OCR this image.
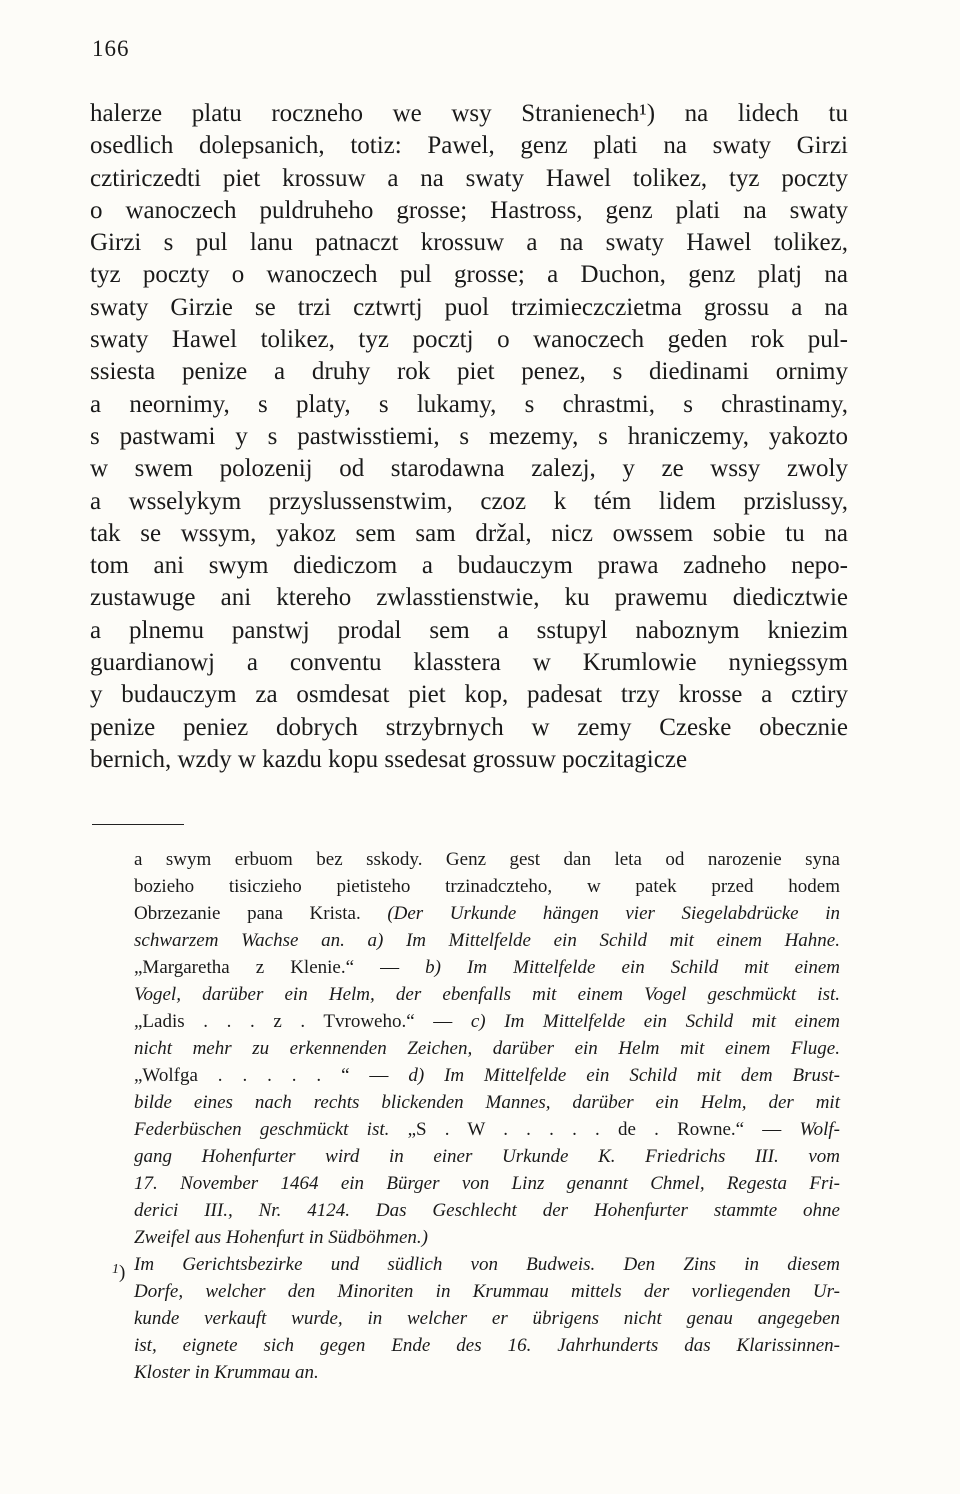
166
halerze platu roczneho we wsy Stranienech¹) na lidech tu
osedlich dolepsanich, totiz: Pawel, genz plati na swaty Girzi
cztiriczedti piet krossuw a na swaty Hawel tolikez, tyz poczty
o wanoczech puldruheho grosse; Hastross, genz plati na swaty
Girzi s pul lanu patnaczt krossuw a na swaty Hawel tolikez,
tyz poczty o wanoczech pul grosse; a Duchon, genz platj na
swaty Girzie se trzi cztwrtj puol trzimieczczietma grossu a na
swaty Hawel tolikez, tyz pocztj o wanoczech geden rok pul-
ssiesta penize a druhy rok piet penez, s diedinami ornimy
a neornimy, s platy, s lukamy, s chrastmi, s chrastinamy,
s pastwami y s pastwisstiemi, s mezemy, s hraniczemy, yakozto
w swem polozenij od starodawna zalezj, y ze wssy zwoly
a wsselykym przyslussenstwim, czoz k tém lidem przislussy,
tak se wssym, yakoz sem sam držal, nicz owssem sobie tu na
tom ani swym diediczom a budauczym prawa zadneho nepo-
zustawuge ani ktereho zwlasstienstwie, ku prawemu diedicztwie
a plnemu panstwj prodal sem a sstupyl naboznym kniezim
guardianowj a conventu klasstera w Krumlowie nyniegssym
y budauczym za osmdesat piet kop, padesat trzy krosse a cztiry
penize peniez dobrych strzybrnych w zemy Czeske obecznie
bernich, wzdy w kazdu kopu ssedesat grossuw poczitagicze
a swym erbuom bez sskody. Genz gest dan leta od narozenie syna
bozieho tisiczieho pietisteho trzinadczteho, w patek przed hodem
Obrzezanie pana Krista. (Der Urkunde hängen vier Siegelabdrücke in
schwarzem Wachse an. a) Im Mittelfelde ein Schild mit einem Hahne.
„Margaretha z Klenie.“ — b) Im Mittelfelde ein Schild mit einem
Vogel, darüber ein Helm, der ebenfalls mit einem Vogel geschmückt ist.
„Ladis . . . z . Tvroweho.“ — c) Im Mittelfelde ein Schild mit einem
nicht mehr zu erkennenden Zeichen, darüber ein Helm mit einem Fluge.
„Wolfga . . . . . “ — d) Im Mittelfelde ein Schild mit dem Brust-
bilde eines nach rechts blickenden Mannes, darüber ein Helm, der mit
Federbüschen geschmückt ist. „S . W . . . . . de . Rowne.“ — Wolf-
gang Hohenfurter wird in einer Urkunde K. Friedrichs III. vom
17. November 1464 ein Bürger von Linz genannt Chmel, Regesta Fri-
derici III., Nr. 4124. Das Geschlecht der Hohenfurter stammte ohne
Zweifel aus Hohenfurt in Südböhmen.)
Im Gerichtsbezirke und südlich von Budweis. Den Zins in diesem
Dorfe, welcher den Minoriten in Krummau mittels der vorliegenden Ur-
kunde verkauft wurde, in welcher er übrigens nicht genau angegeben
ist, eignete sich gegen Ende des 16. Jahrhunderts das Klarissinnen-
Kloster in Krummau an.
1)
